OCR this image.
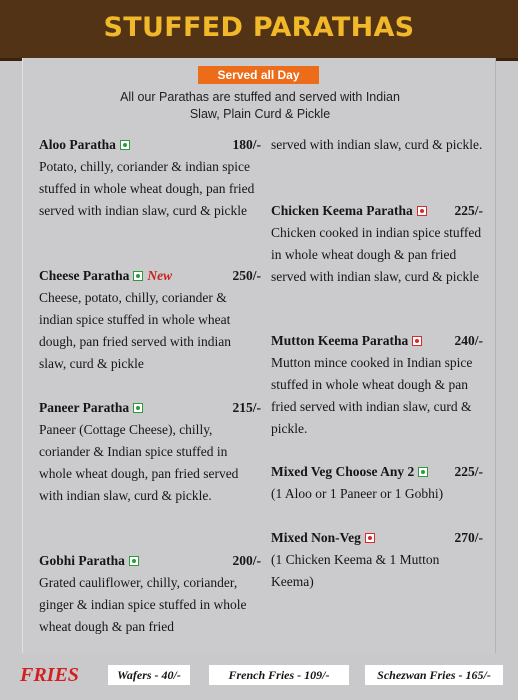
STUFFED PARATHAS
Served all Day
All our Parathas are stuffed and served with Indian Slaw, Plain Curd & Pickle
Aloo Paratha	180/-
Potato, chilly, coriander & indian spice stuffed in whole wheat dough, pan fried served with indian slaw, curd & pickle
Cheese Paratha New	250/-
Cheese, potato, chilly, coriander & indian spice stuffed in whole wheat dough, pan fried served with indian slaw, curd & pickle
Paneer Paratha	215/-
Paneer (Cottage Cheese), chilly, coriander & Indian spice stuffed in whole wheat dough, pan fried served with indian slaw, curd & pickle.
Gobhi Paratha	200/-
Grated cauliflower, chilly, coriander, ginger & indian spice stuffed in whole wheat dough & pan fried
served with indian slaw, curd & pickle.
Chicken Keema Paratha	225/-
Chicken cooked in indian spice stuffed in whole wheat dough & pan fried served with indian slaw, curd & pickle
Mutton Keema Paratha	240/-
Mutton mince cooked in Indian spice stuffed in whole wheat dough & pan fried served with indian slaw, curd & pickle.
Mixed Veg Choose Any 2	225/-
(1 Aloo or 1 Paneer or 1 Gobhi)
Mixed Non-Veg	270/-
(1 Chicken Keema & 1 Mutton Keema)
FRIES	Wafers - 40/-	French Fries - 109/-	Schezwan Fries - 165/-
